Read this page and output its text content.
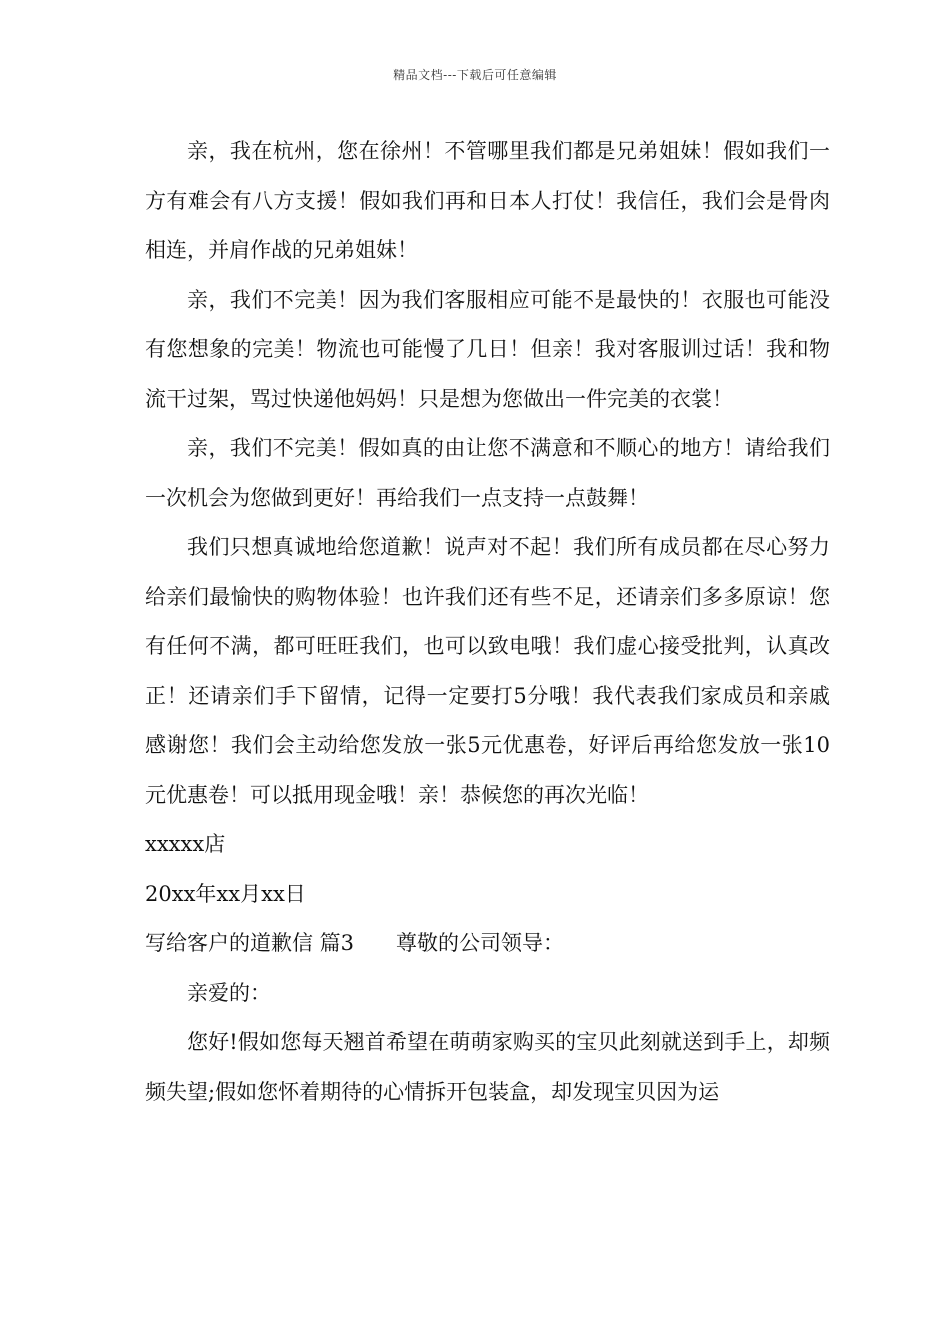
精品文档---下载后可任意编辑

亲，我在杭州，您在徐州！不管哪里我们都是兄弟姐妹！假如我们一方有难会有八方支援！假如我们再和日本人打仗！我信任，我们会是骨肉相连，并肩作战的兄弟姐妹！

亲，我们不完美！因为我们客服相应可能不是最快的！衣服也可能没有您想象的完美！物流也可能慢了几日！但亲！我对客服训过话！我和物流干过架，骂过快递他妈妈！只是想为您做出一件完美的衣裳！

亲，我们不完美！假如真的由让您不满意和不顺心的地方！请给我们一次机会为您做到更好！再给我们一点支持一点鼓舞！

我们只想真诚地给您道歉！说声对不起！我们所有成员都在尽心努力给亲们最愉快的购物体验！也许我们还有些不足，还请亲们多多原谅！您有任何不满，都可旺旺我们，也可以致电哦！我们虚心接受批判，认真改正！还请亲们手下留情，记得一定要打5分哦！我代表我们家成员和亲戚感谢您！我们会主动给您发放一张5元优惠卷，好评后再给您发放一张10元优惠卷！可以抵用现金哦！亲！恭候您的再次光临！

xxxxx店

20xx年xx月xx日

写给客户的道歉信 篇3 尊敬的公司领导：

亲爱的：

您好!假如您每天翘首希望在萌萌家购买的宝贝此刻就送到手上，却频频失望;假如您怀着期待的心情拆开包装盒，却发现宝贝因为运
